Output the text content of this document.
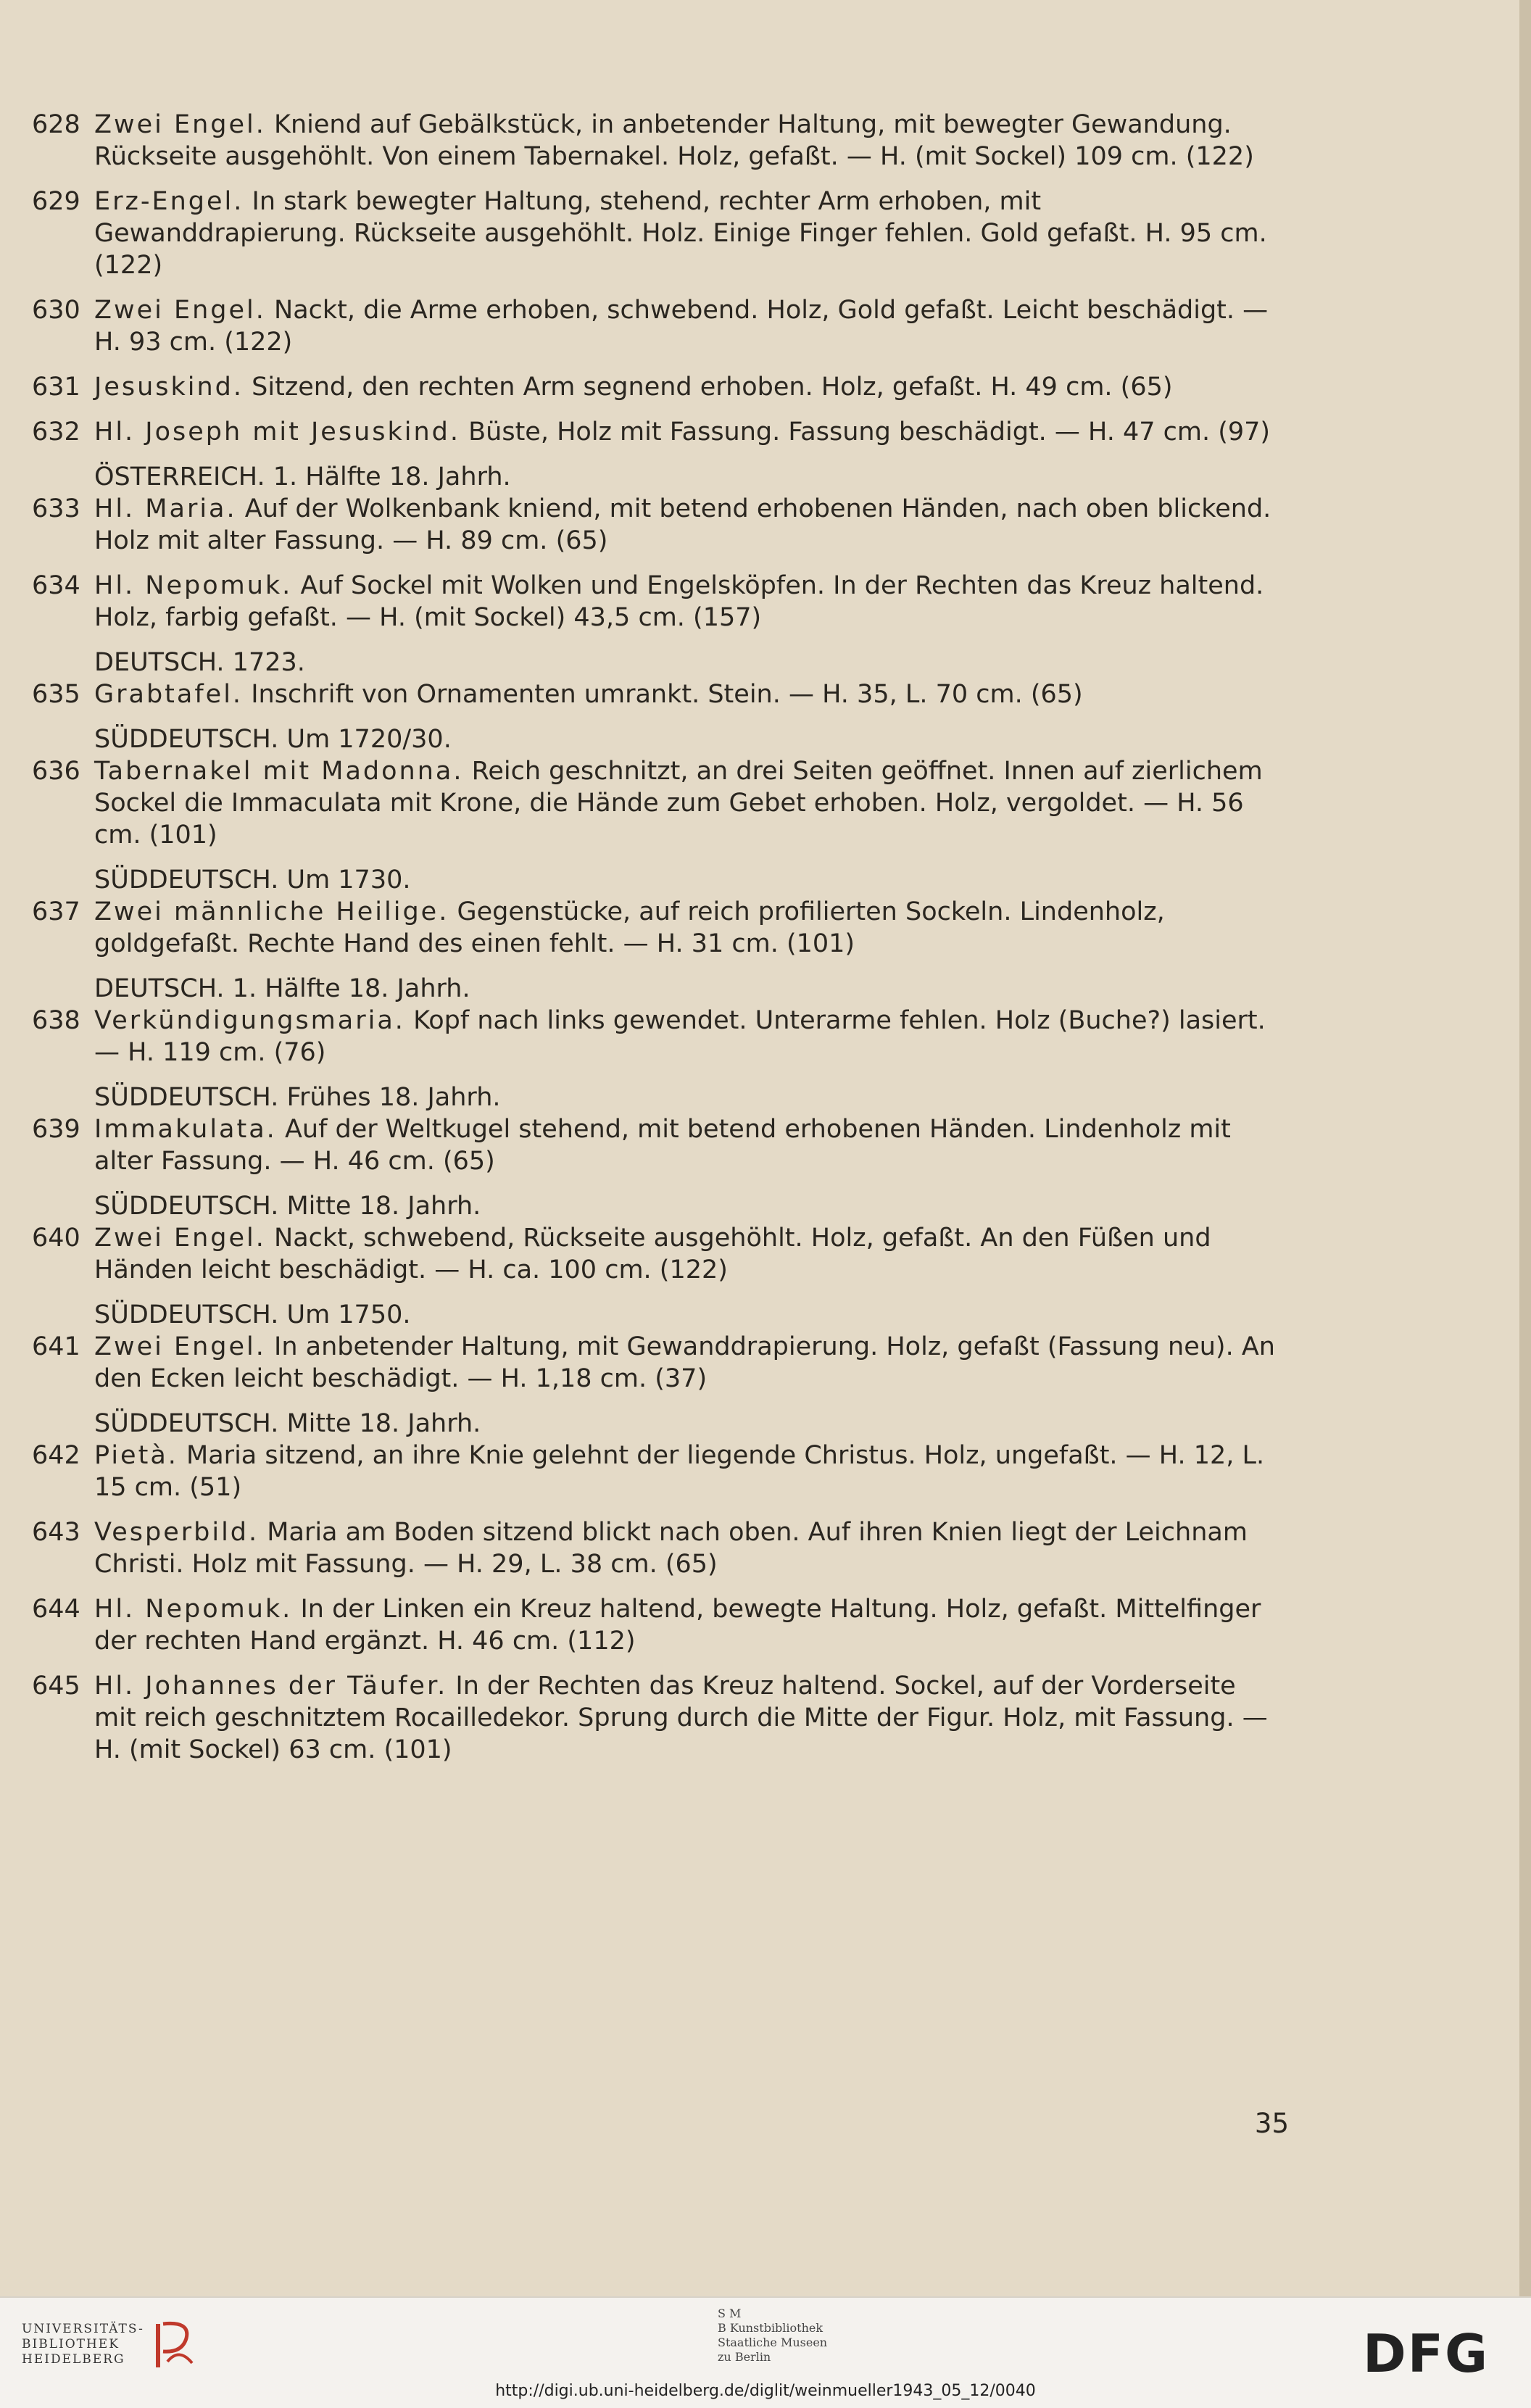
628 Zwei Engel. Kniend auf Gebälkstück, in anbetender Haltung, mit bewegter Gewandung. Rückseite ausgehöhlt. Von einem Tabernakel. Holz, gefaßt. — H. (mit Sockel) 109 cm. (122)
629 Erz-Engel. In stark bewegter Haltung, stehend, rechter Arm erhoben, mit Gewanddrapierung. Rückseite ausgehöhlt. Holz. Einige Finger fehlen. Gold gefaßt. H. 95 cm. (122)
630 Zwei Engel. Nackt, die Arme erhoben, schwebend. Holz, Gold gefaßt. Leicht beschädigt. — H. 93 cm. (122)
631 Jesuskind. Sitzend, den rechten Arm segnend erhoben. Holz, gefaßt. H. 49 cm. (65)
632 Hl. Joseph mit Jesuskind. Büste, Holz mit Fassung. Fassung beschädigt. — H. 47 cm. (97)
ÖSTERREICH. 1. Hälfte 18. Jahrh.
633 Hl. Maria. Auf der Wolkenbank kniend, mit betend erhobenen Händen, nach oben blickend. Holz mit alter Fassung. — H. 89 cm. (65)
634 Hl. Nepomuk. Auf Sockel mit Wolken und Engelsköpfen. In der Rechten das Kreuz haltend. Holz, farbig gefaßt. — H. (mit Sockel) 43,5 cm. (157)
DEUTSCH. 1723.
635 Grabtafel. Inschrift von Ornamenten umrankt. Stein. — H. 35, L. 70 cm. (65)
SÜDDEUTSCH. Um 1720/30.
636 Tabernakel mit Madonna. Reich geschnitzt, an drei Seiten geöffnet. Innen auf zierlichem Sockel die Immaculata mit Krone, die Hände zum Gebet erhoben. Holz, vergoldet. — H. 56 cm. (101)
SÜDDEUTSCH. Um 1730.
637 Zwei männliche Heilige. Gegenstücke, auf reich profilierten Sockeln. Lindenholz, goldgefaßt. Rechte Hand des einen fehlt. — H. 31 cm. (101)
DEUTSCH. 1. Hälfte 18. Jahrh.
638 Verkündigungsmaria. Kopf nach links gewendet. Unterarme fehlen. Holz (Buche?) lasiert. — H. 119 cm. (76)
SÜDDEUTSCH. Frühes 18. Jahrh.
639 Immakulata. Auf der Weltkugel stehend, mit betend erhobenen Händen. Lindenholz mit alter Fassung. — H. 46 cm. (65)
SÜDDEUTSCH. Mitte 18. Jahrh.
640 Zwei Engel. Nackt, schwebend, Rückseite ausgehöhlt. Holz, gefaßt. An den Füßen und Händen leicht beschädigt. — H. ca. 100 cm. (122)
SÜDDEUTSCH. Um 1750.
641 Zwei Engel. In anbetender Haltung, mit Gewanddrapierung. Holz, gefaßt (Fassung neu). An den Ecken leicht beschädigt. — H. 1,18 cm. (37)
SÜDDEUTSCH. Mitte 18. Jahrh.
642 Pietà. Maria sitzend, an ihre Knie gelehnt der liegende Christus. Holz, ungefaßt. — H. 12, L. 15 cm. (51)
643 Vesperbild. Maria am Boden sitzend blickt nach oben. Auf ihren Knien liegt der Leichnam Christi. Holz mit Fassung. — H. 29, L. 38 cm. (65)
644 Hl. Nepomuk. In der Linken ein Kreuz haltend, bewegte Haltung. Holz, gefaßt. Mittelfinger der rechten Hand ergänzt. H. 46 cm. (112)
645 Hl. Johannes der Täufer. In der Rechten das Kreuz haltend. Sockel, auf der Vorderseite mit reich geschnitztem Rocailledekor. Sprung durch die Mitte der Figur. Holz, mit Fassung. — H. (mit Sockel) 63 cm. (101)
35
UNIVERSITÄTS-
BIBLIOTHEK
HEIDELBERG
S M
B Kunstbibliothek
Staatliche Museen
zu Berlin	DFG
http://digi.ub.uni-heidelberg.de/diglit/weinmueller1943_05_12/0040
